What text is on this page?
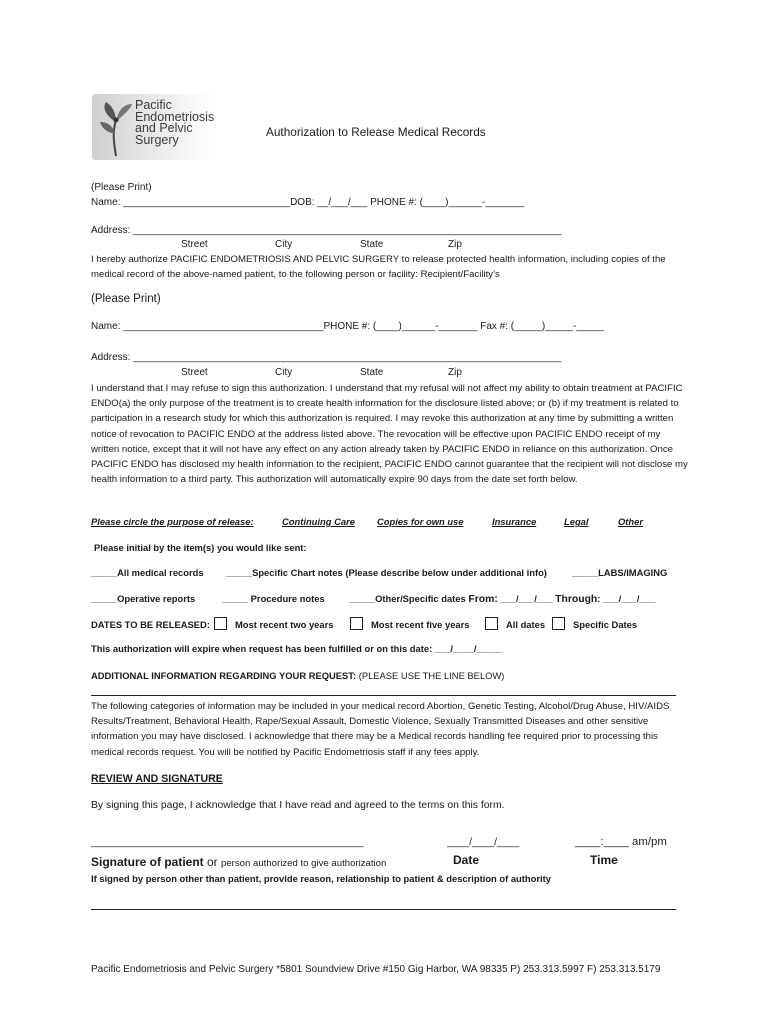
Pacific
Endometriosis
and Pelvic
Surgery
Authorization to Release Medical Records
(Please Print)
Name: ______________________________DOB: __/___/___ PHONE #: (____)______-_______
Address: _____________________________________________________________________________
Street	City	State	Zip
I hereby authorize PACIFIC ENDOMETRIOSIS AND PELVIC SURGERY to release protected health information, including copies of the medical record of the above-named patient, to the following person or facility: Recipient/Facility’s
(Please Print)
Name: ____________________________________PHONE #: (____)______-_______ Fax #: (_____)_____-_____
Address: _____________________________________________________________________________
Street	City	State	Zip
I understand that I may refuse to sign this authorization. I understand that my refusal will not affect my ability to obtain treatment at PACIFIC ENDO(a) the only purpose of the treatment is to create health information for the disclosure listed above; or (b) if my treatment is related to participation in a research study for which this authorization is required. I may revoke this authorization at any time by submitting a written notice of revocation to PACIFIC ENDO at the address listed above. The revocation will be effective upon PACIFIC ENDO receipt of my written notice, except that it will not have any effect on any action already taken by PACIFIC ENDO in reliance on this authorization. Once PACIFIC ENDO has disclosed my health information to the recipient, PACIFIC ENDO cannot guarantee that the recipient will not disclose my health information to a third party. This authorization will automatically expire 90 days from the date set forth below.
Please circle the purpose of release:	Continuing Care Copies for own use	Insurance	Legal	Other
Please initial by the item(s) you would like sent:
_____All medical records _____Specific Chart notes (Please describe below under additional info)	_____LABS/IMAGING
_____Operative reports	_____ Procedure notes	_____Other/Specific dates From: ___/___/___ Through: ___/___/___
DATES TO BE RELEASED:	Most recent two years	Most recent five years	All dates	Specific Dates
This authorization will expire when request has been fulfilled or on this date: ___/____/_____
ADDITIONAL INFORMATION REGARDING YOUR REQUEST: (PLEASE USE THE LINE BELOW)
The following categories of information may be included in your medical record Abortion, Genetic Testing, Alcohol/Drug Abuse, HIV/AIDS Results/Treatment, Behavioral Health, Rape/Sexual Assault, Domestic Violence, Sexually Transmitted Diseases and other sensitive information you may have disclosed. I acknowledge that there may be a Medical records handling fee required prior to processing this medical records request. You will be notified by Pacific Endometriosis staff if any fees apply.
REVIEW AND SIGNATURE
By signing this page, I acknowledge that I have read and agreed to the terms on this form.
_________________________________________________	____/____/____	____:____ am/pm
Signature of patient or person authorized to give authorization	Date	Time
If signed by person other than patient, provide reason, relationship to patient & description of authority
Pacific Endometriosis and Pelvic Surgery *5801 Soundview Drive #150 Gig Harbor, WA 98335 P) 253.313.5997 F) 253.313.5179
